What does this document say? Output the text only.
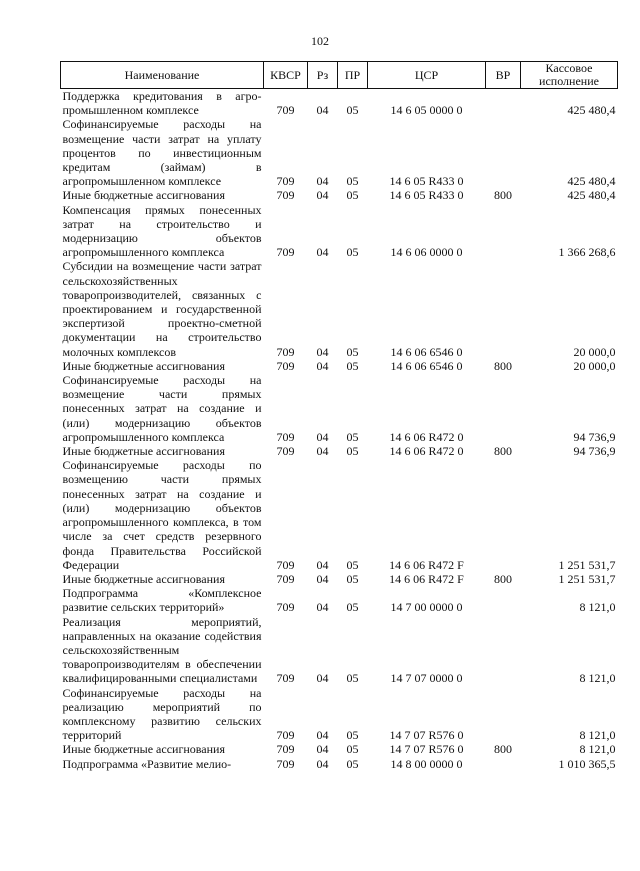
102
Наименование	КВСР	Рз	ПР	ЦСР	ВР	Кассовое исполнение
Поддержка кредитования в агро-промышленном комплексе	709	04	05	14 6 05 0000 0		425 480,4
Софинансируемые расходы на возмещение части затрат на уплату процентов по инвестиционным кредитам (займам) в агропромышленном комплексе	709	04	05	14 6 05 R433 0		425 480,4
Иные бюджетные ассигнования	709	04	05	14 6 05 R433 0	800	425 480,4
Компенсация прямых понесенных затрат на строительство и модернизацию объектов агропромышленного комплекса	709	04	05	14 6 06 0000 0		1 366 268,6
Субсидии на возмещение части затрат сельскохозяйственных товаропроизводителей, связанных с проектированием и государственной экспертизой проектно-сметной документации на строительство молочных комплексов	709	04	05	14 6 06 6546 0		20 000,0
Иные бюджетные ассигнования	709	04	05	14 6 06 6546 0	800	20 000,0
Софинансируемые расходы на возмещение части прямых понесенных затрат на создание и (или) модернизацию объектов агропромышленного комплекса	709	04	05	14 6 06 R472 0		94 736,9
Иные бюджетные ассигнования	709	04	05	14 6 06 R472 0	800	94 736,9
Софинансируемые расходы по возмещению части прямых понесенных затрат на создание и (или) модернизацию объектов агропромышленного комплекса, в том числе за счет средств резервного фонда Правительства Российской Федерации	709	04	05	14 6 06 R472 F		1 251 531,7
Иные бюджетные ассигнования	709	04	05	14 6 06 R472 F	800	1 251 531,7
Подпрограмма «Комплексное развитие сельских территорий»	709	04	05	14 7 00 0000 0		8 121,0
Реализация мероприятий, направленных на оказание содействия сельскохозяйственным товаропроизводителям в обеспечении квалифицированными специалистами	709	04	05	14 7 07 0000 0		8 121,0
Софинансируемые расходы на реализацию мероприятий по комплексному развитию сельских территорий	709	04	05	14 7 07 R576 0		8 121,0
Иные бюджетные ассигнования	709	04	05	14 7 07 R576 0	800	8 121,0
Подпрограмма «Развитие мелио-	709	04	05	14 8 00 0000 0		1 010 365,5
